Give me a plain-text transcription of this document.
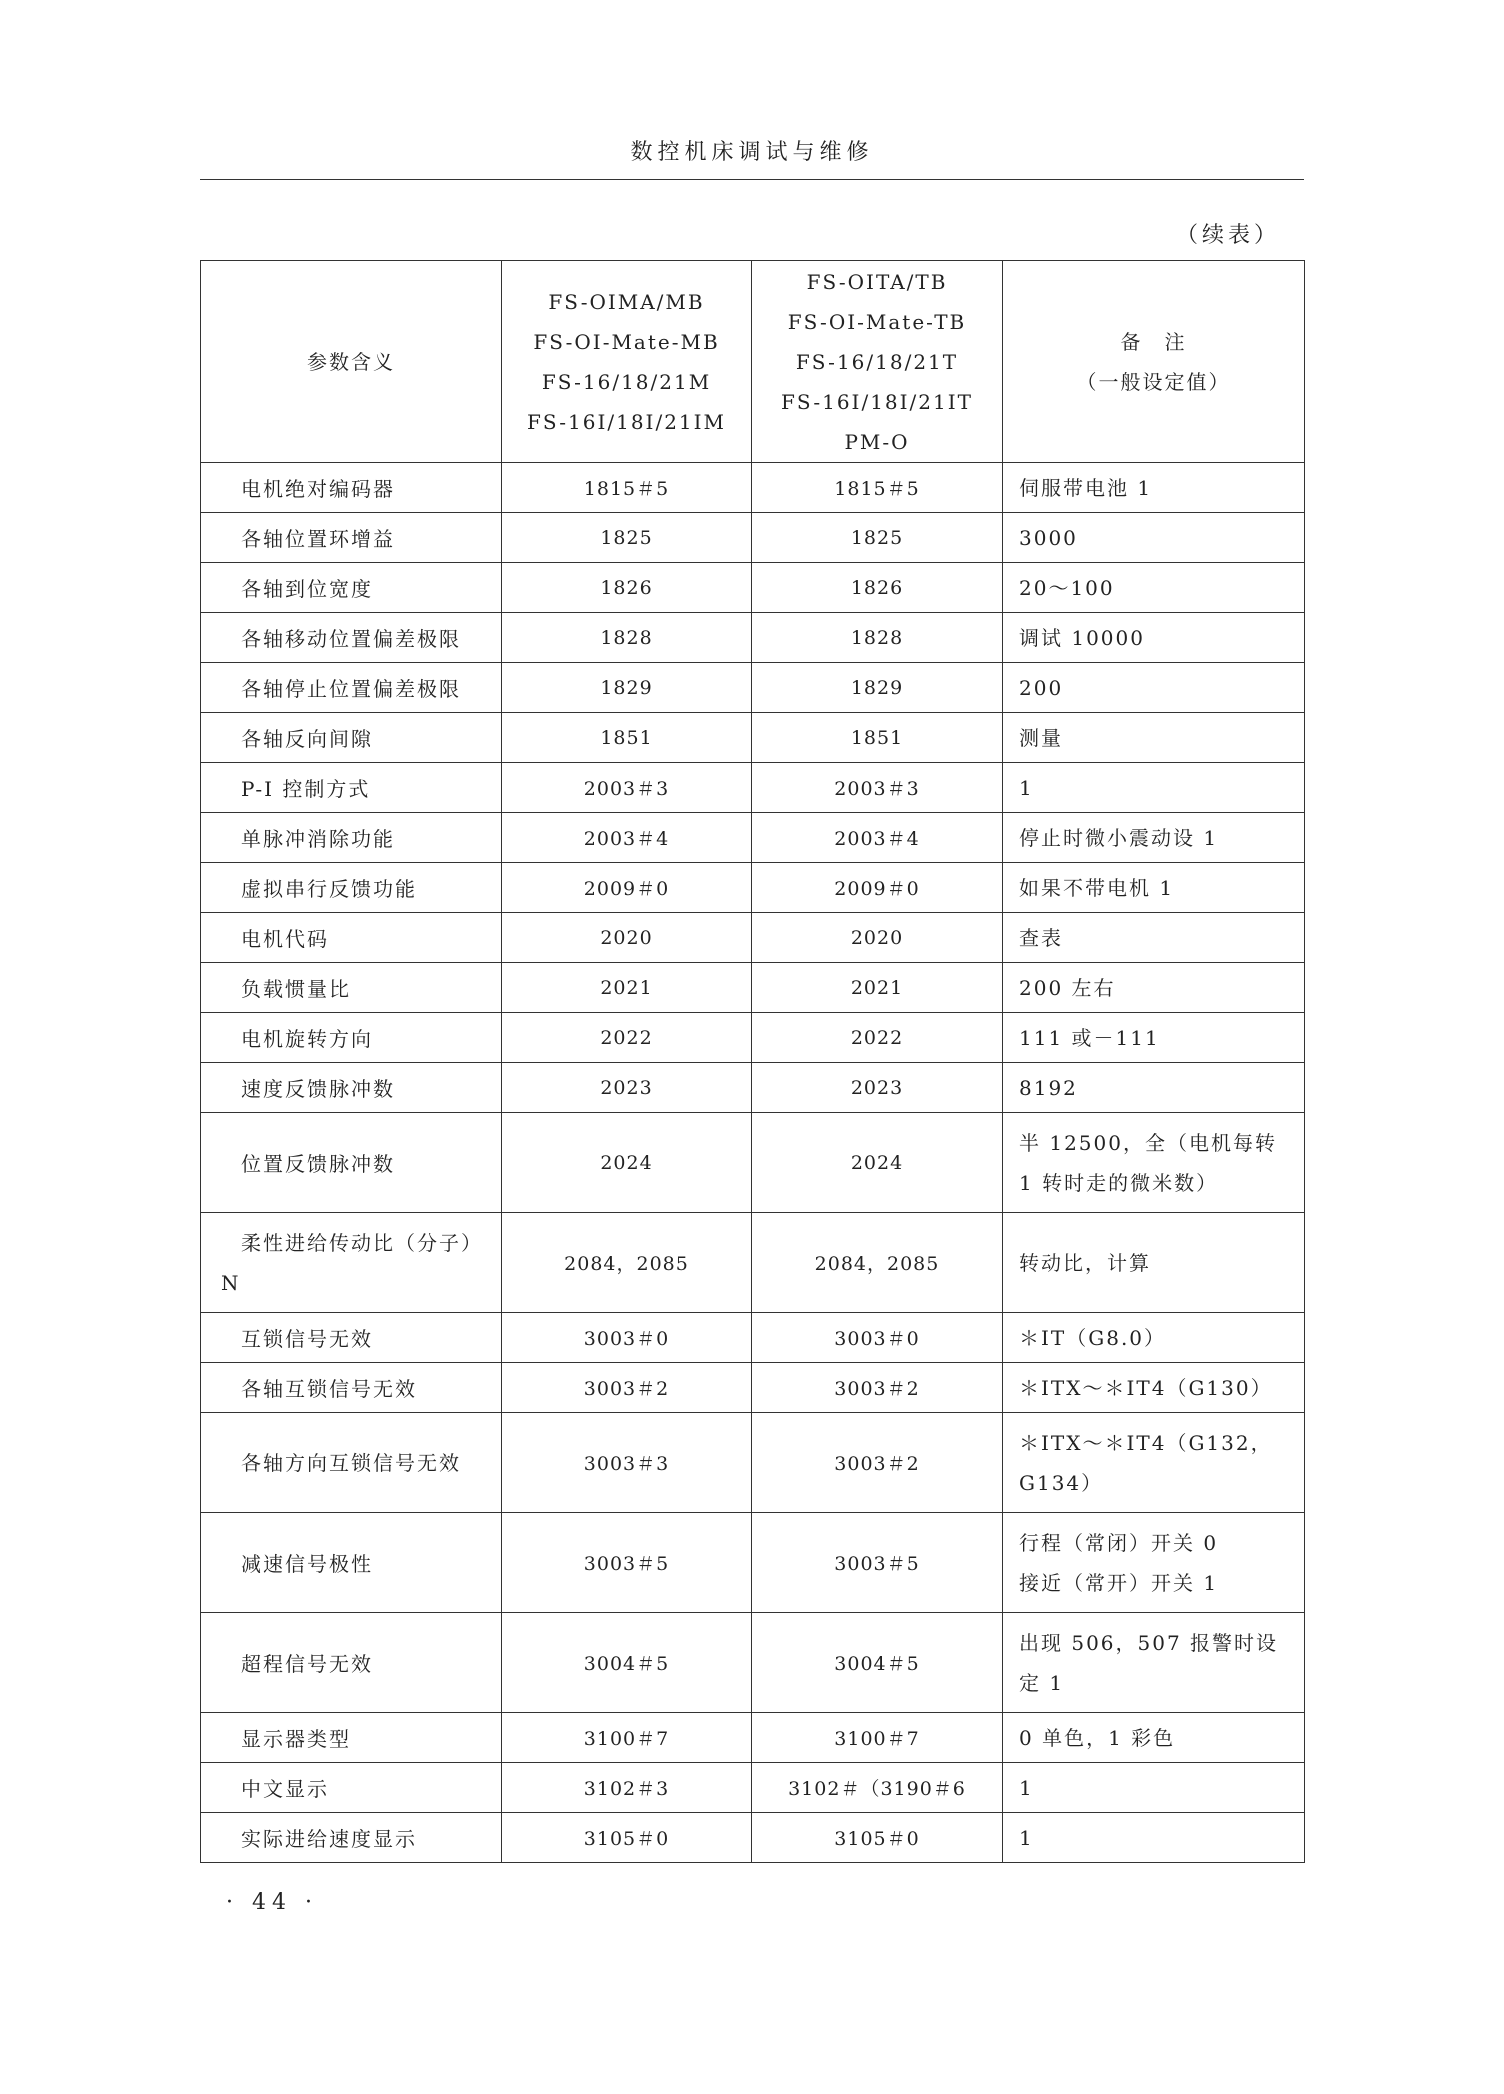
数控机床调试与维修
（续表）
参数含义	FS-OIMA/MB
FS-OI-Mate-MB
FS-16/18/21M
FS-16I/18I/21IM	FS-OITA/TB
FS-OI-Mate-TB
FS-16/18/21T
FS-16I/18I/21IT
PM-O	备　注
（一般设定值）

电机绝对编码器	1815＃5	1815＃5	伺服带电池 1
各轴位置环增益	1825	1825	3000
各轴到位宽度	1826	1826	20～100
各轴移动位置偏差极限	1828	1828	调试 10000
各轴停止位置偏差极限	1829	1829	200
各轴反向间隙	1851	1851	测量
P-I 控制方式	2003＃3	2003＃3	1
单脉冲消除功能	2003＃4	2003＃4	停止时微小震动设 1
虚拟串行反馈功能	2009＃0	2009＃0	如果不带电机 1
电机代码	2020	2020	查表
负载惯量比	2021	2021	200 左右
电机旋转方向	2022	2022	111 或－111
速度反馈脉冲数	2023	2023	8192
位置反馈脉冲数	2024	2024	半 12500，全（电机每转 1 转时走的微米数）
柔性进给传动比（分子）N	2084，2085	2084，2085	转动比，计算
互锁信号无效	3003＃0	3003＃0	＊IT（G8.0）
各轴互锁信号无效	3003＃2	3003＃2	＊ITX～＊IT4（G130）
各轴方向互锁信号无效	3003＃3	3003＃2	＊ITX～＊IT4（G132，G134）
减速信号极性	3003＃5	3003＃5	行程（常闭）开关 0
接近（常开）开关 1

超程信号无效	3004＃5	3004＃5	出现 506，507 报警时设定 1
显示器类型	3100＃7	3100＃7	0 单色，1 彩色
中文显示	3102＃3	3102＃（3190＃6	1
实际进给速度显示	3105＃0	3105＃0	1
· 44 ·
